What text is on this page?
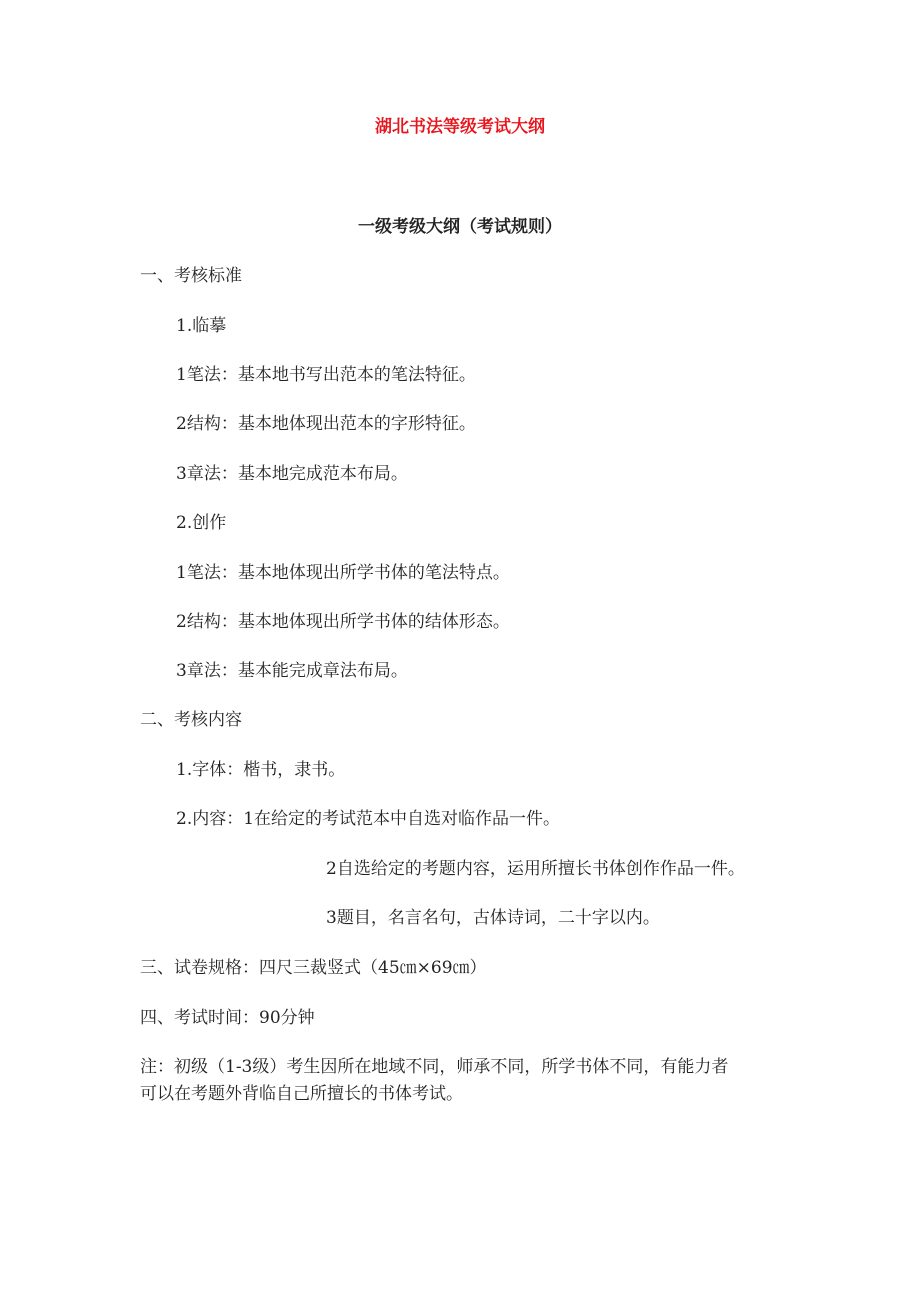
湖北书法等级考试大纲
一级考级大纲（考试规则）
一、考核标准
1.临摹
1笔法：基本地书写出范本的笔法特征。
2结构：基本地体现出范本的字形特征。
3章法：基本地完成范本布局。
2.创作
1笔法：基本地体现出所学书体的笔法特点。
2结构：基本地体现出所学书体的结体形态。
3章法：基本能完成章法布局。
二、考核内容
1.字体：楷书，隶书。
2.内容：1在给定的考试范本中自选对临作品一件。
2自选给定的考题内容，运用所擅长书体创作作品一件。
3题目，名言名句，古体诗词，二十字以内。
三、试卷规格：四尺三裁竖式（45㎝×69㎝）
四、考试时间：90分钟
注：初级（1-3级）考生因所在地域不同，师承不同，所学书体不同，有能力者
可以在考题外背临自己所擅长的书体考试。
